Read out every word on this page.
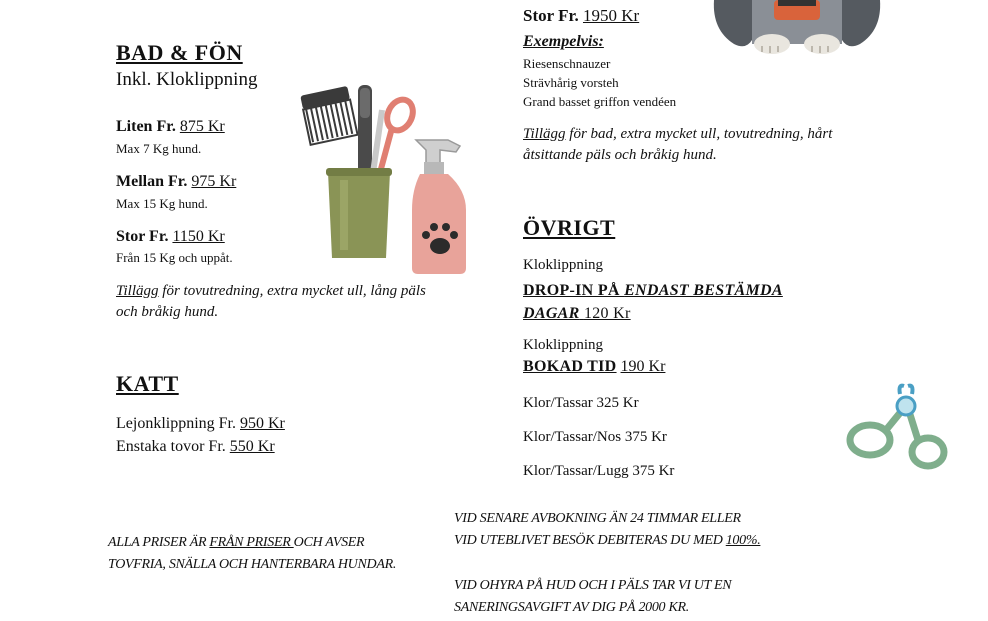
BAD & FÖN
Inkl. Kloklippning
Liten Fr. 875 Kr
Max 7 Kg hund.
Mellan Fr. 975 Kr
Max 15 Kg hund.
Stor Fr. 1150 Kr
Från 15 Kg och uppåt.
Tillägg för tovutredning, extra mycket ull, lång päls
och bråkig hund.
KATT
Lejonklippning Fr. 950 Kr
Enstaka tovor Fr. 550 Kr
Stor Fr. 1950 Kr
Exempelvis:
Riesenschnauzer
Strävhårig vorsteh
Grand basset griffon vendéen
Tillägg för bad, extra mycket ull, tovutredning, hårt
åtsittande päls och bråkig hund.
ÖVRIGT
Kloklippning
DROP-IN PÅ ENDAST BESTÄMDA
DAGAR 120 Kr
Kloklippning
BOKAD TID 190 Kr
Klor/Tassar 325 Kr
Klor/Tassar/Nos 375 Kr
Klor/Tassar/Lugg 375 Kr
ALLA PRISER ÄR FRÅN PRISER OCH AVSER
TOVFRIA, SNÄLLA OCH HANTERBARA HUNDAR.
VID SENARE AVBOKNING ÄN 24 TIMMAR ELLER
VID UTEBLIVET BESÖK DEBITERAS DU MED 100%.
VID OHYRA PÅ HUD OCH I PÄLS TAR VI UT EN
SANERINGSAVGIFT AV DIG PÅ 2000 KR.
